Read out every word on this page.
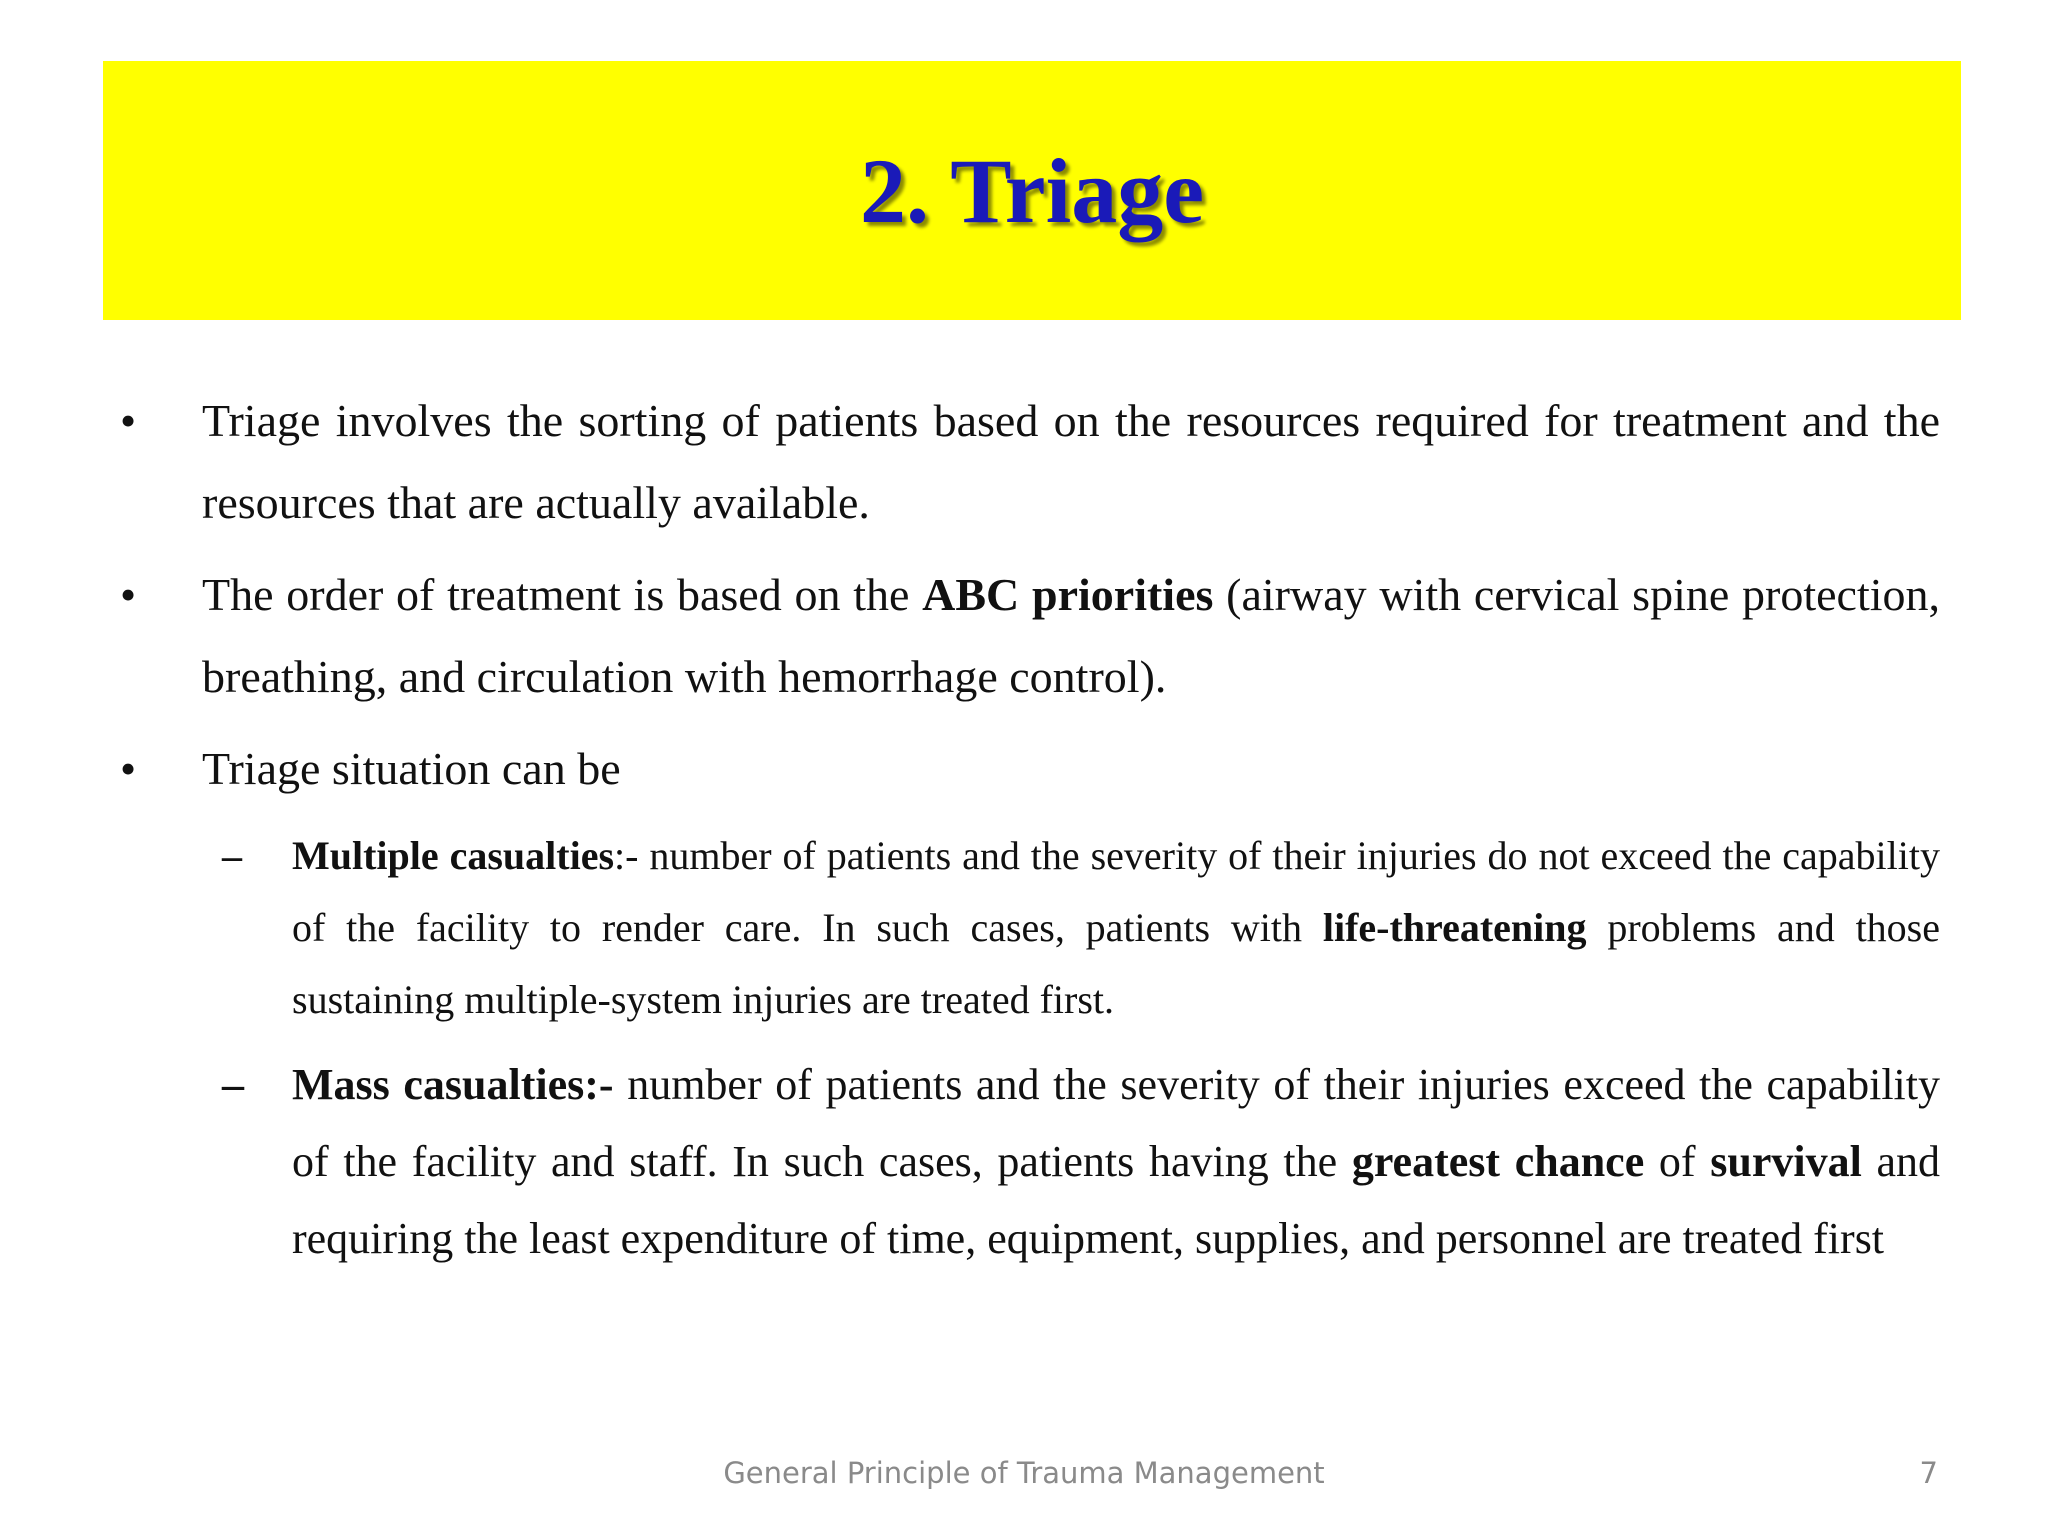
2. Triage
•	Triage involves the sorting of patients based on the resources required for treatment and the resources that are actually available.
•	The order of treatment is based on the ABC priorities (airway with cervical spine protection, breathing, and circulation with hemorrhage control).
•	Triage situation can be
– Multiple casualties:- number of patients and the severity of their injuries do not exceed the capability of the facility to render care. In such cases, patients with life-threatening problems and those sustaining multiple-system injuries are treated first.
– Mass casualties:- number of patients and the severity of their injuries exceed the capability of the facility and staff. In such cases, patients having the greatest chance of survival and requiring the least expenditure of time, equipment, supplies, and personnel are treated first
General Principle of Trauma Management	7
